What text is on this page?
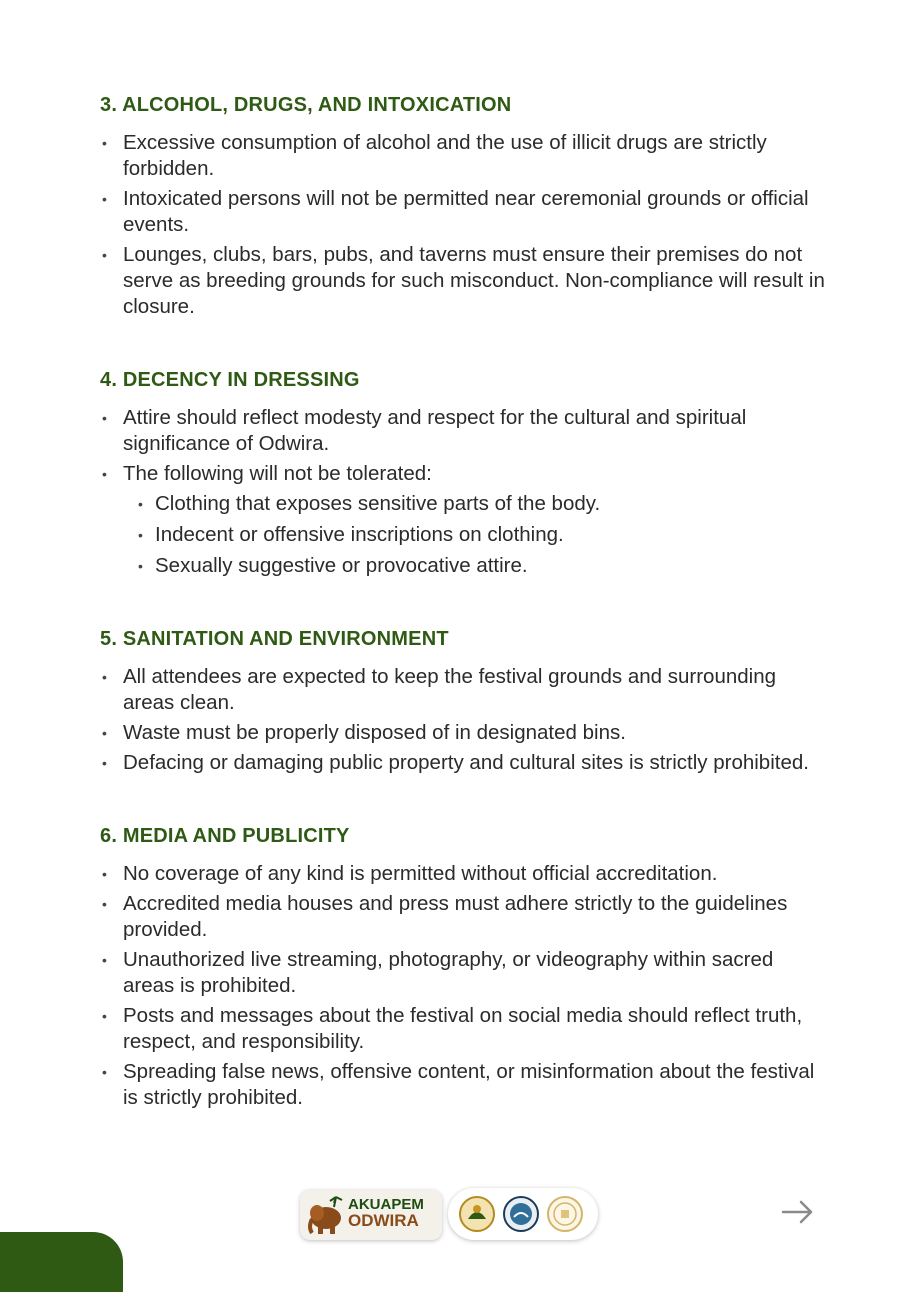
3. ALCOHOL, DRUGS, AND INTOXICATION
• Excessive consumption of alcohol and the use of illicit drugs are strictly forbidden.
• Intoxicated persons will not be permitted near ceremonial grounds or official events.
• Lounges, clubs, bars, pubs, and taverns must ensure their premises do not serve as breeding grounds for such misconduct. Non-compliance will result in closure.
4. DECENCY IN DRESSING
• Attire should reflect modesty and respect for the cultural and spiritual significance of Odwira.
• The following will not be tolerated:
• Clothing that exposes sensitive parts of the body.
• Indecent or offensive inscriptions on clothing.
• Sexually suggestive or provocative attire.
5. SANITATION AND ENVIRONMENT
• All attendees are expected to keep the festival grounds and surrounding areas clean.
• Waste must be properly disposed of in designated bins.
• Defacing or damaging public property and cultural sites is strictly prohibited.
6. MEDIA AND PUBLICITY
• No coverage of any kind is permitted without official accreditation.
• Accredited media houses and press must adhere strictly to the guidelines provided.
• Unauthorized live streaming, photography, or videography within sacred areas is prohibited.
• Posts and messages about the festival on social media should reflect truth, respect, and responsibility.
• Spreading false news, offensive content, or misinformation about the festival is strictly prohibited.
AKUAPEM
ODWIRA
